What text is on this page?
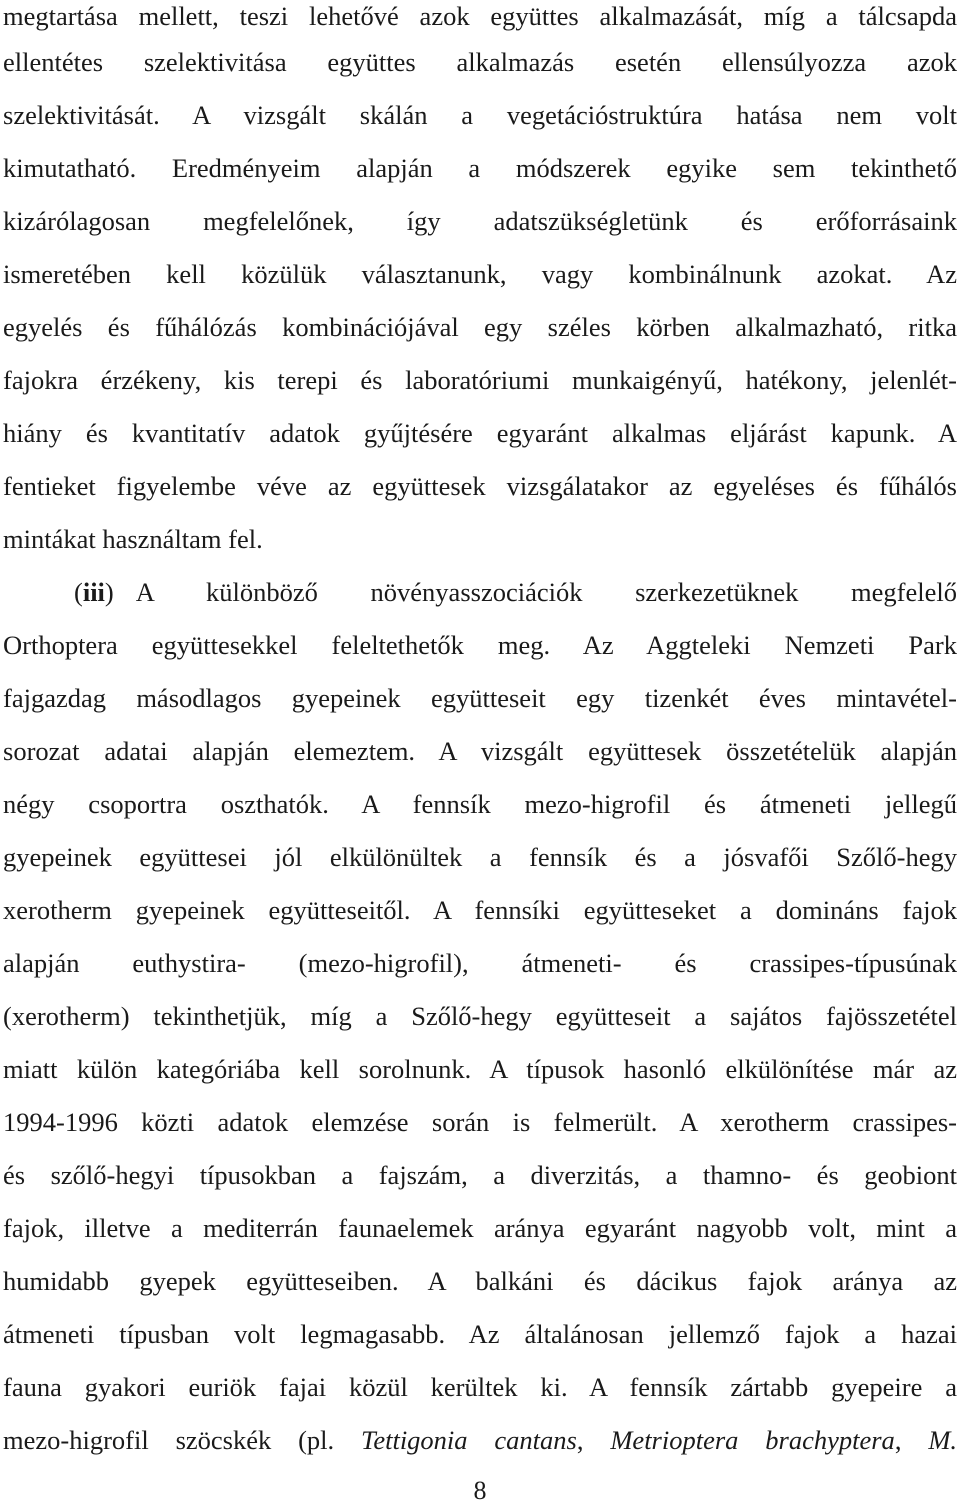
megtartása mellett, teszi lehetővé azok együttes alkalmazását, míg a tálcsapda
ellentétes szelektivitása együttes alkalmazás esetén ellensúlyozza azok
szelektivitását. A vizsgált skálán a vegetációstruktúra hatása nem volt
kimutatható. Eredményeim alapján a módszerek egyike sem tekinthető
kizárólagosan megfelelőnek, így adatszükségletünk és erőforrásaink
ismeretében kell közülük választanunk, vagy kombinálnunk azokat. Az
egyelés és fűhálózás kombinációjával egy széles körben alkalmazható, ritka
fajokra érzékeny, kis terepi és laboratóriumi munkaigényű, hatékony, jelenlét-
hiány és kvantitatív adatok gyűjtésére egyaránt alkalmas eljárást kapunk. A
fentieket figyelembe véve az együttesek vizsgálatakor az egyeléses és fűhálós
mintákat használtam fel.
(iii) A különböző növényasszociációk szerkezetüknek megfelelő
Orthoptera együttesekkel feleltethetők meg. Az Aggteleki Nemzeti Park
fajgazdag másodlagos gyepeinek együtteseit egy tizenkét éves mintavétel-
sorozat adatai alapján elemeztem. A vizsgált együttesek összetételük alapján
négy csoportra oszthatók. A fennsík mezo-higrofil és átmeneti jellegű
gyepeinek együttesei jól elkülönültek a fennsík és a jósvafői Szőlő-hegy
xerotherm gyepeinek együtteseitől. A fennsíki együtteseket a domináns fajok
alapján euthystira- (mezo-higrofil), átmeneti- és crassipes-típusúnak
(xerotherm) tekinthetjük, míg a Szőlő-hegy együtteseit a sajátos fajösszetétel
miatt külön kategóriába kell sorolnunk. A típusok hasonló elkülönítése már az
1994-1996 közti adatok elemzése során is felmerült. A xerotherm crassipes-
és szőlő-hegyi típusokban a fajszám, a diverzitás, a thamno- és geobiont
fajok, illetve a mediterrán faunaelemek aránya egyaránt nagyobb volt, mint a
humidabb gyepek együtteseiben. A balkáni és dácikus fajok aránya az
átmeneti típusban volt legmagasabb. Az általánosan jellemző fajok a hazai
fauna gyakori euriök fajai közül kerültek ki. A fennsík zártabb gyepeire a
mezo-higrofil szöcskék (pl. Tettigonia cantans, Metrioptera brachyptera, M.
8
